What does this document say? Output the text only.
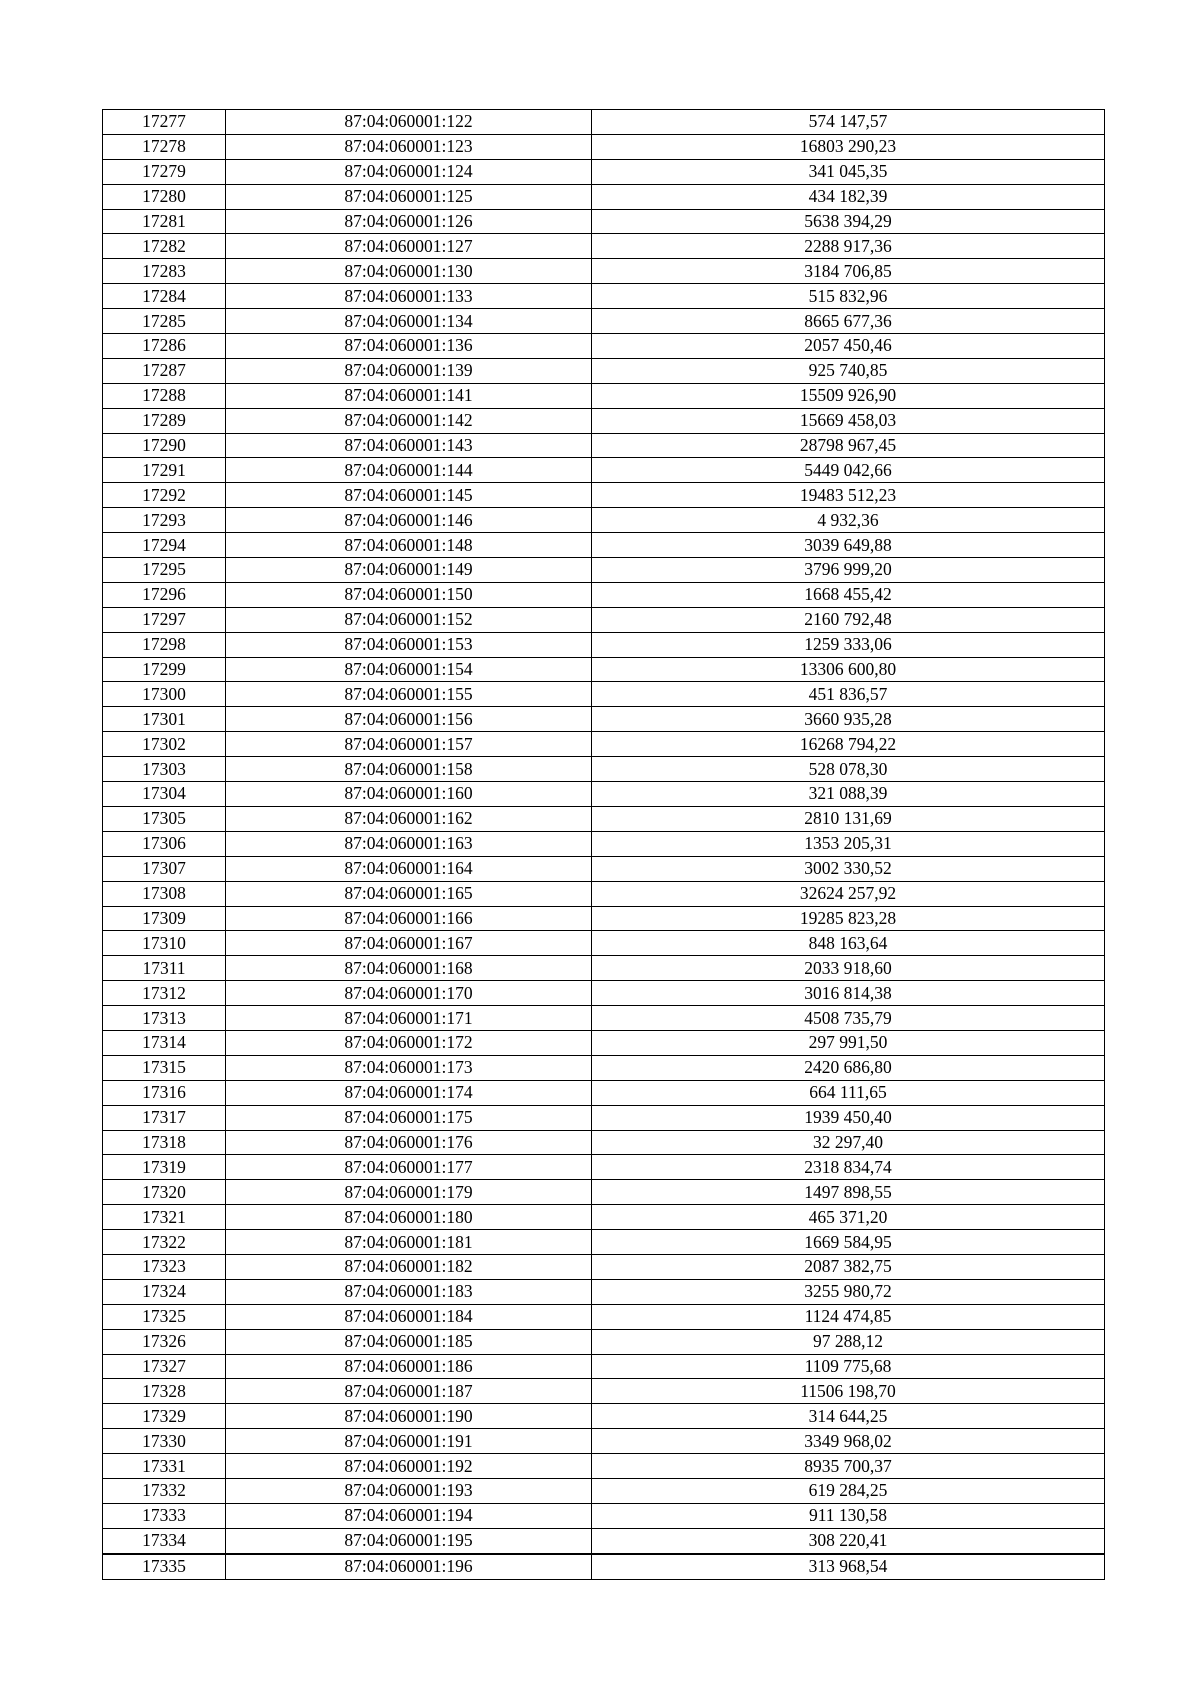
17277	87:04:060001:122	574 147,57
17278	87:04:060001:123	16803 290,23
17279	87:04:060001:124	341 045,35
17280	87:04:060001:125	434 182,39
17281	87:04:060001:126	5638 394,29
17282	87:04:060001:127	2288 917,36
17283	87:04:060001:130	3184 706,85
17284	87:04:060001:133	515 832,96
17285	87:04:060001:134	8665 677,36
17286	87:04:060001:136	2057 450,46
17287	87:04:060001:139	925 740,85
17288	87:04:060001:141	15509 926,90
17289	87:04:060001:142	15669 458,03
17290	87:04:060001:143	28798 967,45
17291	87:04:060001:144	5449 042,66
17292	87:04:060001:145	19483 512,23
17293	87:04:060001:146	4 932,36
17294	87:04:060001:148	3039 649,88
17295	87:04:060001:149	3796 999,20
17296	87:04:060001:150	1668 455,42
17297	87:04:060001:152	2160 792,48
17298	87:04:060001:153	1259 333,06
17299	87:04:060001:154	13306 600,80
17300	87:04:060001:155	451 836,57
17301	87:04:060001:156	3660 935,28
17302	87:04:060001:157	16268 794,22
17303	87:04:060001:158	528 078,30
17304	87:04:060001:160	321 088,39
17305	87:04:060001:162	2810 131,69
17306	87:04:060001:163	1353 205,31
17307	87:04:060001:164	3002 330,52
17308	87:04:060001:165	32624 257,92
17309	87:04:060001:166	19285 823,28
17310	87:04:060001:167	848 163,64
17311	87:04:060001:168	2033 918,60
17312	87:04:060001:170	3016 814,38
17313	87:04:060001:171	4508 735,79
17314	87:04:060001:172	297 991,50
17315	87:04:060001:173	2420 686,80
17316	87:04:060001:174	664 111,65
17317	87:04:060001:175	1939 450,40
17318	87:04:060001:176	32 297,40
17319	87:04:060001:177	2318 834,74
17320	87:04:060001:179	1497 898,55
17321	87:04:060001:180	465 371,20
17322	87:04:060001:181	1669 584,95
17323	87:04:060001:182	2087 382,75
17324	87:04:060001:183	3255 980,72
17325	87:04:060001:184	1124 474,85
17326	87:04:060001:185	97 288,12
17327	87:04:060001:186	1109 775,68
17328	87:04:060001:187	11506 198,70
17329	87:04:060001:190	314 644,25
17330	87:04:060001:191	3349 968,02
17331	87:04:060001:192	8935 700,37
17332	87:04:060001:193	619 284,25
17333	87:04:060001:194	911 130,58
17334	87:04:060001:195	308 220,41
17335	87:04:060001:196	313 968,54
